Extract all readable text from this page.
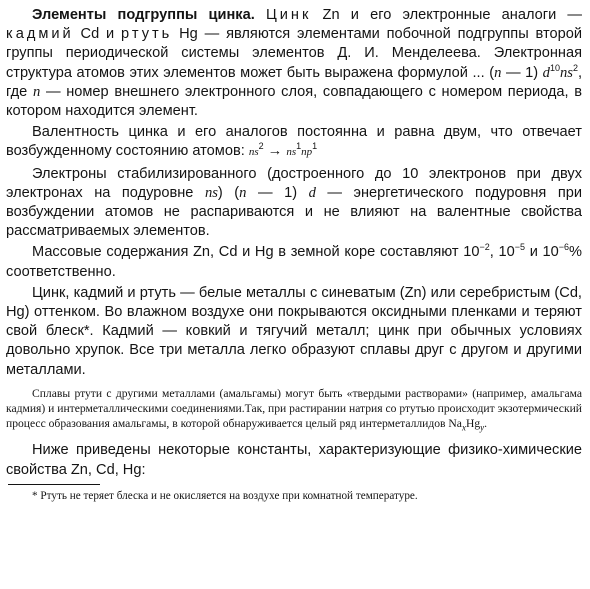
Элементы подгруппы цинка. Цинк Zn и его электронные аналоги — кадмий Cd и ртуть Hg — являются элементами побочной подгруппы второй группы периодической системы элементов Д. И. Менделеева. Электронная структура атомов этих элементов может быть выражена формулой ... (n — 1) $d^{10}ns^2$, где n — номер внешнего электронного слоя, совпадающего с номером периода, в котором находится элемент.

Валентность цинка и его аналогов постоянна и равна двум, что отвечает возбужденному состоянию атомов: $ns^2 \to ns^1np^1$

Электроны стабилизированного (достроенного до 10 электронов при двух электронах на подуровне ns) (n — 1) d — энергетического подуровня при возбуждении атомов не распариваются и не влияют на валентные свойства рассматриваемых элементов.

Массовые содержания Zn, Cd и Hg в земной коре составляют $10^{-2}$, $10^{-5}$ и $10^{-6}\%$ соответственно.

Цинк, кадмий и ртуть — белые металлы с синеватым (Zn) или серебристым (Cd, Hg) оттенком. Во влажном воздухе они покрываются оксидными пленками и теряют свой блеск*. Кадмий — ковкий и тягучий металл; цинк при обычных условиях довольно хрупок. Все три металла легко образуют сплавы друг с другом и другими металлами.

Сплавы ртути с другими металлами (амальгамы) могут быть «твердыми растворами» (например, амальгама кадмия) и интерметаллическими соединениями.Так, при растирании натрия со ртутью происходит экзотермический процесс образования амальгамы, в которой обнаруживается целый ряд интерметаллидов $Na_xHg_y$.

Ниже приведены некоторые константы, характеризующие физико-химические свойства Zn, Cd, Hg:

* Ртуть не теряет блеска и не окисляется на воздухе при комнатной температуре.
